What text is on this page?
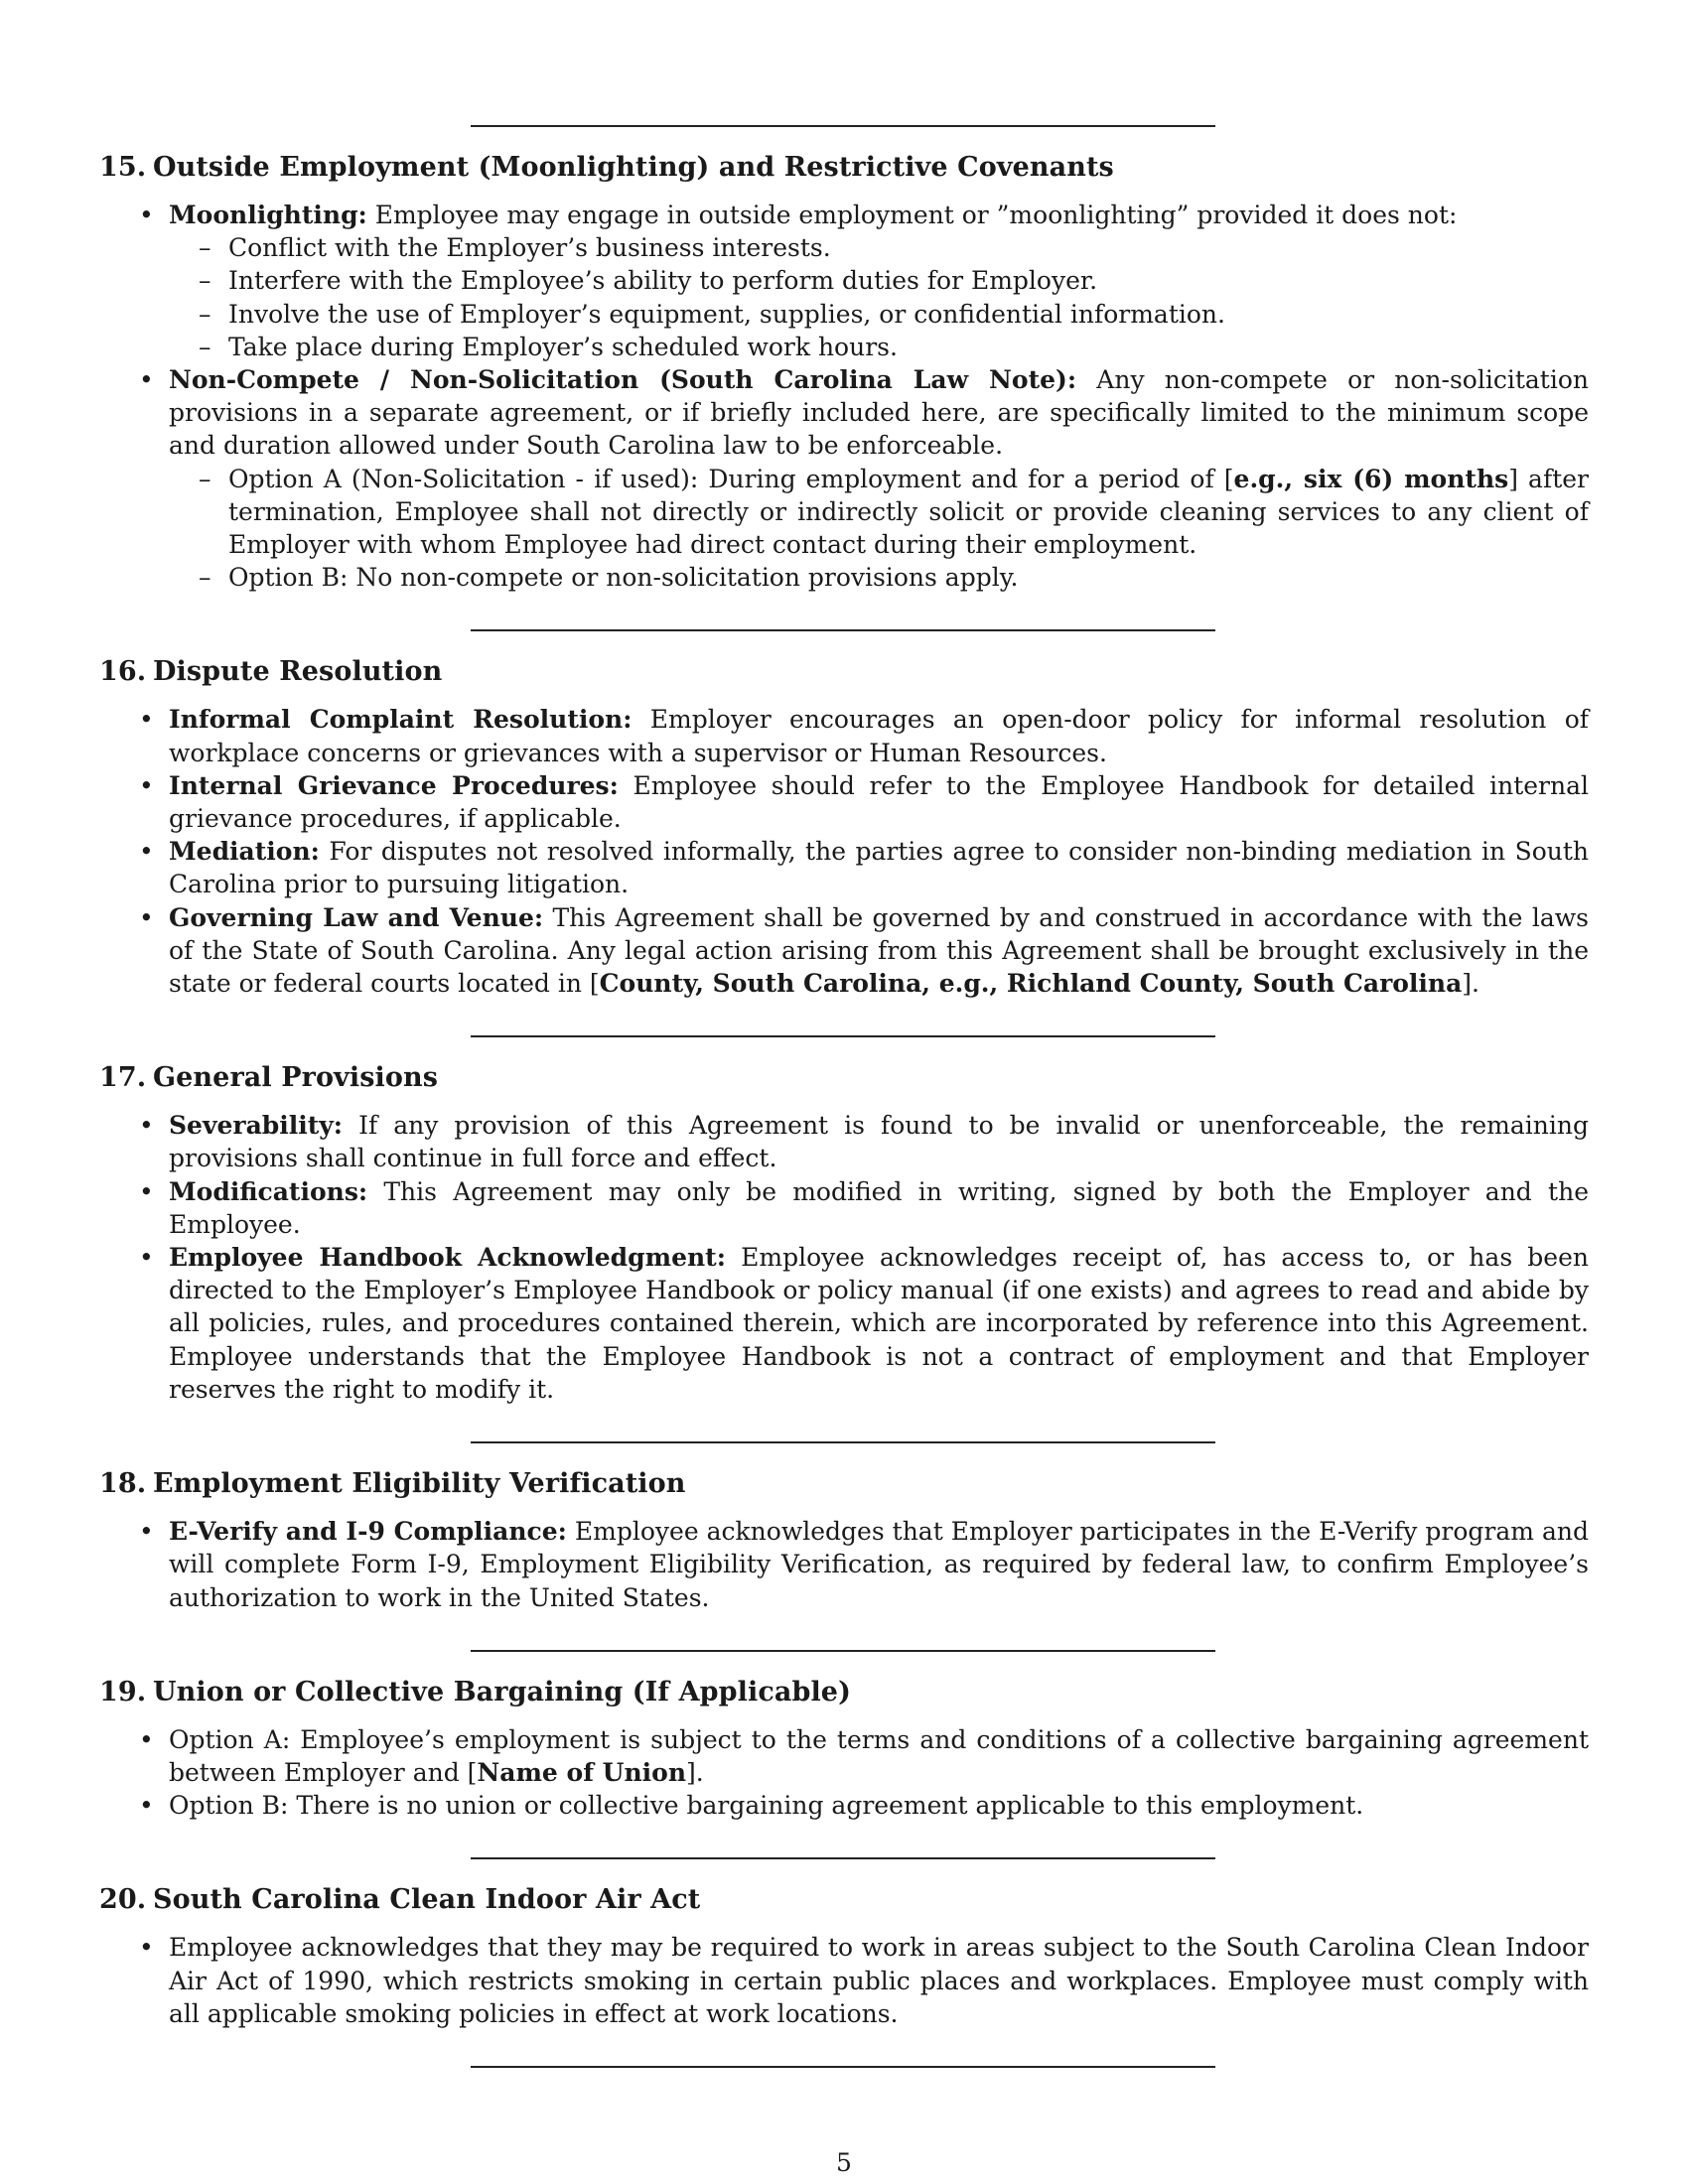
15. Outside Employment (Moonlighting) and Restrictive Covenants
• Moonlighting: Employee may engage in outside employment or ”moonlighting” provided it does not:
– Conflict with the Employer’s business interests.
– Interfere with the Employee’s ability to perform duties for Employer.
– Involve the use of Employer’s equipment, supplies, or confidential information.
– Take place during Employer’s scheduled work hours.
• Non-Compete / Non-Solicitation (South Carolina Law Note): Any non-compete or non-solicitation provisions in a separate agreement, or if briefly included here, are specifically limited to the minimum scope and duration allowed under South Carolina law to be enforceable.
– Option A (Non-Solicitation - if used): During employment and for a period of [e.g., six (6) months] after termination, Employee shall not directly or indirectly solicit or provide cleaning services to any client of Employer with whom Employee had direct contact during their employment.
– Option B: No non-compete or non-solicitation provisions apply.
16. Dispute Resolution
• Informal Complaint Resolution: Employer encourages an open-door policy for informal resolution of workplace concerns or grievances with a supervisor or Human Resources.
• Internal Grievance Procedures: Employee should refer to the Employee Handbook for detailed internal grievance procedures, if applicable.
• Mediation: For disputes not resolved informally, the parties agree to consider non-binding mediation in South Carolina prior to pursuing litigation.
• Governing Law and Venue: This Agreement shall be governed by and construed in accordance with the laws of the State of South Carolina. Any legal action arising from this Agreement shall be brought exclusively in the state or federal courts located in [County, South Carolina, e.g., Richland County, South Carolina].
17. General Provisions
• Severability: If any provision of this Agreement is found to be invalid or unenforceable, the remaining provisions shall continue in full force and effect.
• Modifications: This Agreement may only be modified in writing, signed by both the Employer and the Employee.
• Employee Handbook Acknowledgment: Employee acknowledges receipt of, has access to, or has been directed to the Employer’s Employee Handbook or policy manual (if one exists) and agrees to read and abide by all policies, rules, and procedures contained therein, which are incorporated by reference into this Agreement. Employee understands that the Employee Handbook is not a contract of employment and that Employer reserves the right to modify it.
18. Employment Eligibility Verification
• E-Verify and I-9 Compliance: Employee acknowledges that Employer participates in the E-Verify program and will complete Form I-9, Employment Eligibility Verification, as required by federal law, to confirm Employee’s authorization to work in the United States.
19. Union or Collective Bargaining (If Applicable)
• Option A: Employee’s employment is subject to the terms and conditions of a collective bargaining agreement between Employer and [Name of Union].
• Option B: There is no union or collective bargaining agreement applicable to this employment.
20. South Carolina Clean Indoor Air Act
• Employee acknowledges that they may be required to work in areas subject to the South Carolina Clean Indoor Air Act of 1990, which restricts smoking in certain public places and workplaces. Employee must comply with all applicable smoking policies in effect at work locations.
5
